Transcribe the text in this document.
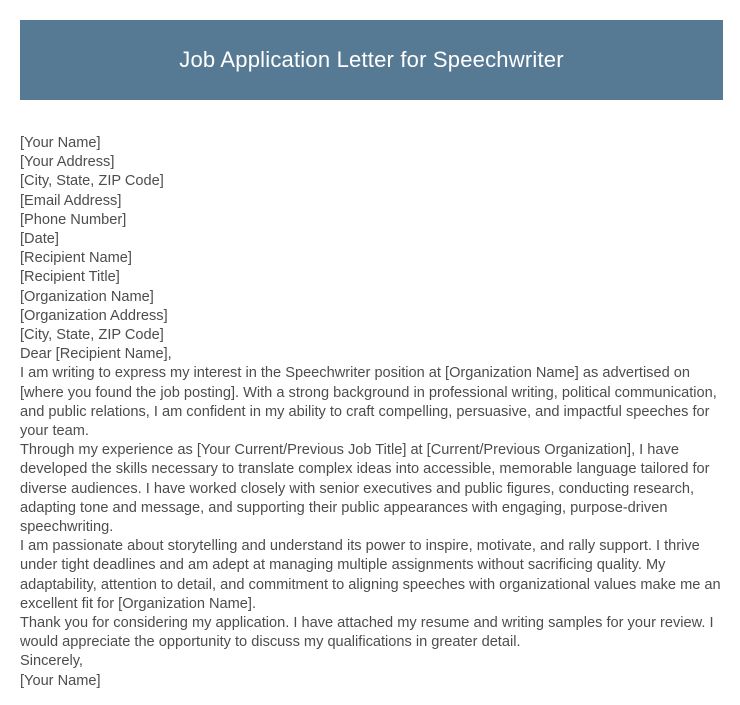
Job Application Letter for Speechwriter
[Your Name]
[Your Address]
[City, State, ZIP Code]
[Email Address]
[Phone Number]
[Date]
[Recipient Name]
[Recipient Title]
[Organization Name]
[Organization Address]
[City, State, ZIP Code]
Dear [Recipient Name],
I am writing to express my interest in the Speechwriter position at [Organization Name] as advertised on [where you found the job posting]. With a strong background in professional writing, political communication, and public relations, I am confident in my ability to craft compelling, persuasive, and impactful speeches for your team.
Through my experience as [Your Current/Previous Job Title] at [Current/Previous Organization], I have developed the skills necessary to translate complex ideas into accessible, memorable language tailored for diverse audiences. I have worked closely with senior executives and public figures, conducting research, adapting tone and message, and supporting their public appearances with engaging, purpose-driven speechwriting.
I am passionate about storytelling and understand its power to inspire, motivate, and rally support. I thrive under tight deadlines and am adept at managing multiple assignments without sacrificing quality. My adaptability, attention to detail, and commitment to aligning speeches with organizational values make me an excellent fit for [Organization Name].
Thank you for considering my application. I have attached my resume and writing samples for your review. I would appreciate the opportunity to discuss my qualifications in greater detail.
Sincerely,
[Your Name]
